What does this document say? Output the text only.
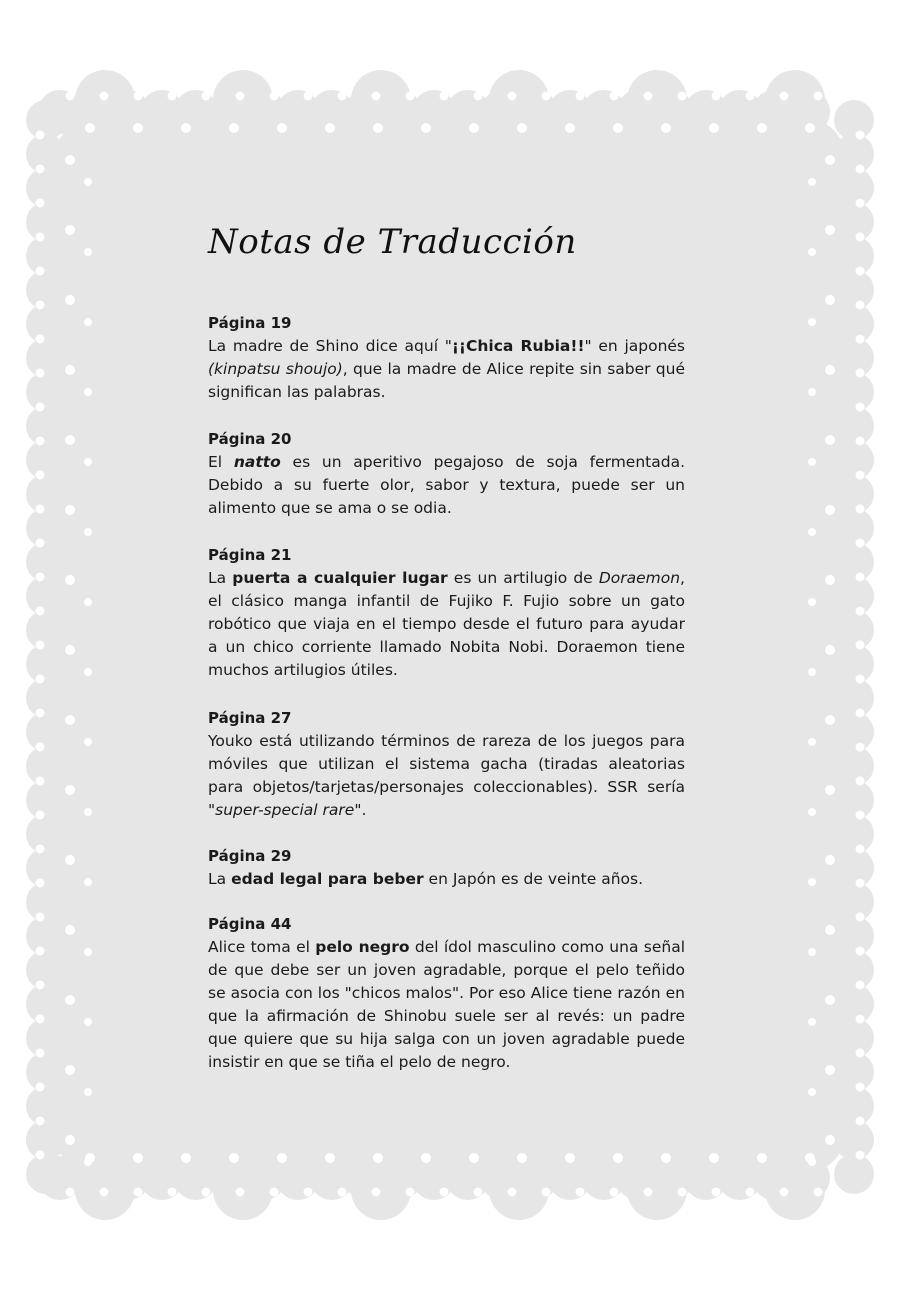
Notas de Traducción

Página 19

La madre de Shino dice aquí "¡¡Chica Rubia!!" en japonés (kinpatsu shoujo), que la madre de Alice repite sin saber qué significan las palabras.

Página 20

El natto es un aperitivo pegajoso de soja fermentada. Debido a su fuerte olor, sabor y textura, puede ser un alimento que se ama o se odia.

Página 21

La puerta a cualquier lugar es un artilugio de Doraemon, el clásico manga infantil de Fujiko F. Fujio sobre un gato robótico que viaja en el tiempo desde el futuro para ayudar a un chico corriente llamado Nobita Nobi. Doraemon tiene muchos artilugios útiles.

Página 27

Youko está utilizando términos de rareza de los juegos para móviles que utilizan el sistema gacha (tiradas aleatorias para objetos/tarjetas/personajes coleccionables). SSR sería "super-special rare".

Página 29

La edad legal para beber en Japón es de veinte años.

Página 44

Alice toma el pelo negro del ídol masculino como una señal de que debe ser un joven agradable, porque el pelo teñido se asocia con los "chicos malos". Por eso Alice tiene razón en que la afirmación de Shinobu suele ser al revés: un padre que quiere que su hija salga con un joven agradable puede insistir en que se tiña el pelo de negro.
